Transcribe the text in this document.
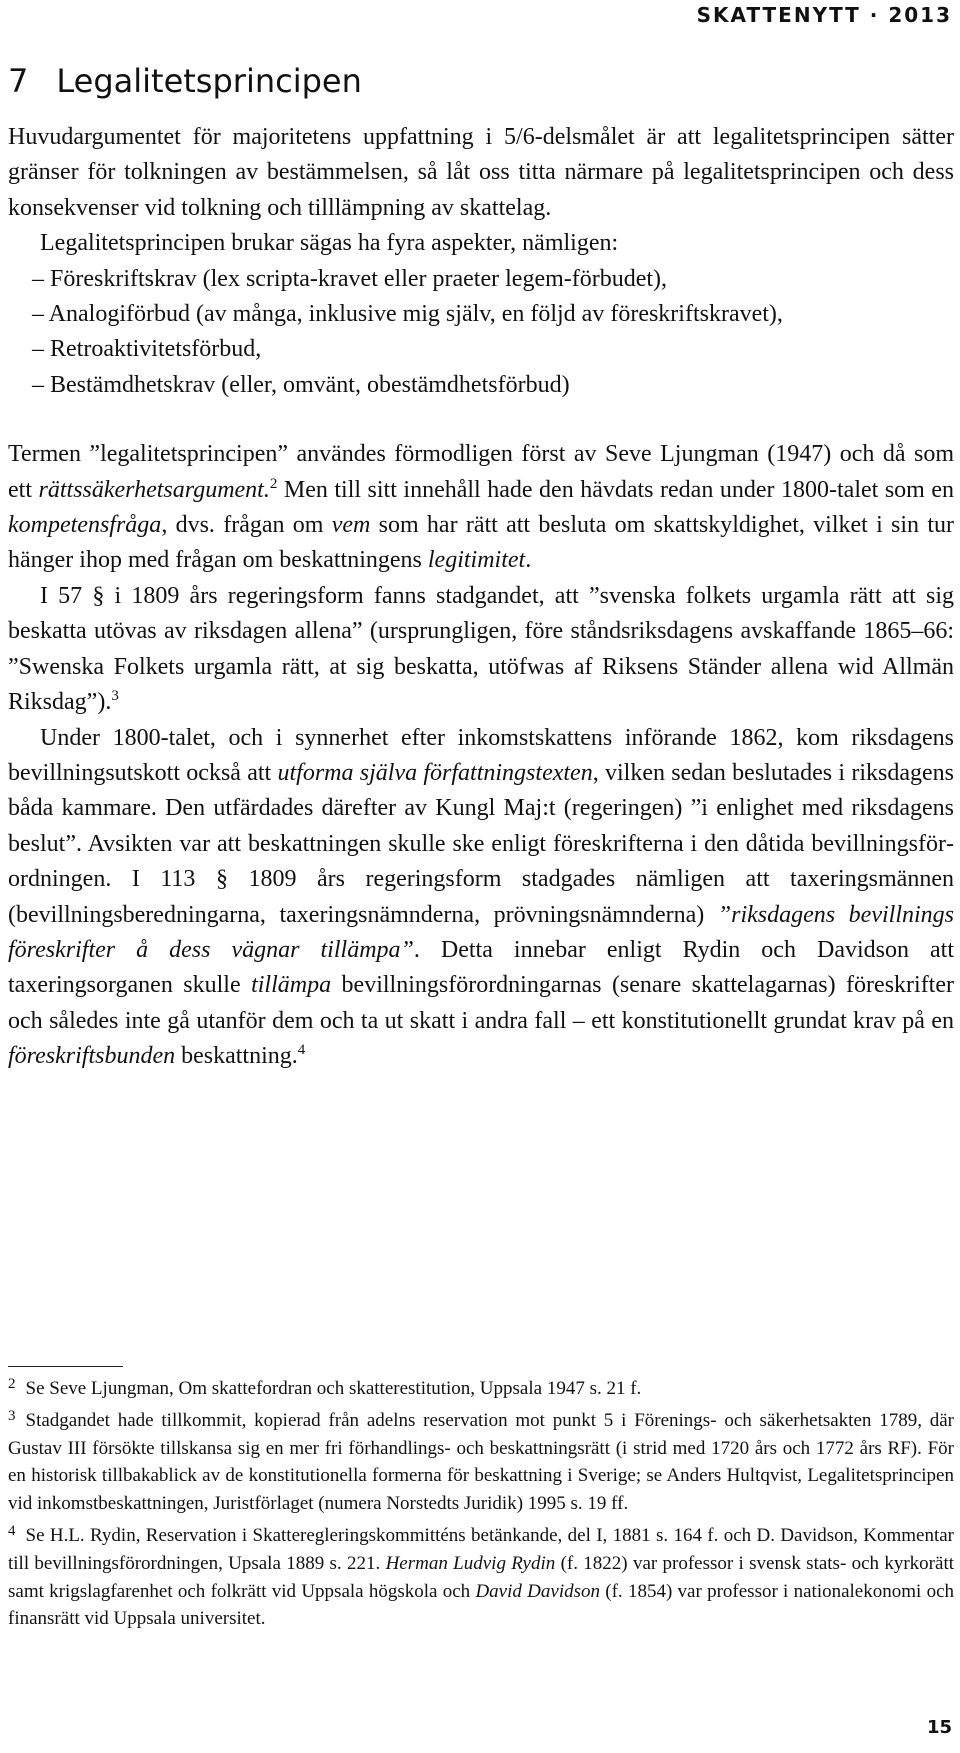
SKATTENYTT · 2013
7 Legalitetsprincipen

Huvudargumentet för majoritetens uppfattning i 5/6-delsmålet är att legalitetsprincipen sätter gränser för tolkningen av bestämmelsen, så låt oss titta närmare på legalitetsprincipen och dess konsekvenser vid tolkning och tilllämpning av skattelag.

Legalitetsprincipen brukar sägas ha fyra aspekter, nämligen:

– Föreskriftskrav (lex scripta-kravet eller praeter legem-förbudet),
– Analogiförbud (av många, inklusive mig själv, en följd av föreskriftskravet),
– Retroaktivitetsförbud,
– Bestämdhetskrav (eller, omvänt, obestämdhetsförbud)

Termen ”legalitetsprincipen” användes förmodligen först av Seve Ljungman (1947) och då som ett rättssäkerhetsargument.$^2$ Men till sitt innehåll hade den hävdats redan under 1800-talet som en kompetensfråga, dvs. frågan om vem som har rätt att besluta om skattskyldighet, vilket i sin tur hänger ihop med frågan om beskattningens legitimitet.

I 57 § i 1809 års regeringsform fanns stadgandet, att ”svenska folkets urgamla rätt att sig beskatta utövas av riksdagen allena” (ursprungligen, före ståndsriksdagens avskaffande 1865–66: ”Swenska Folkets urgamla rätt, at sig beskatta, utöfwas af Riksens Ständer allena wid Allmän Riksdag”).$^3$

Under 1800-talet, och i synnerhet efter inkomstskattens införande 1862, kom riksdagens bevillningsutskott också att utforma själva författningstexten, vilken sedan beslutades i riksdagens båda kammare. Den utfärdades därefter av Kungl Maj:t (regeringen) ”i enlighet med riksdagens beslut”. Avsikten var att beskattningen skulle ske enligt föreskrifterna i den dåtida bevillningsförordningen. I 113 § 1809 års regeringsform stadgades nämligen att taxeringsmännen (bevillningsberedningarna, taxeringsnämnderna, prövningsnämnderna) ”riksdagens bevillnings föreskrifter å dess vägnar tillämpa”. Detta innebar enligt Rydin och Davidson att taxeringsorganen skulle tillämpa bevillningsförordningarnas (senare skattelagarnas) föreskrifter och således inte gå utanför dem och ta ut skatt i andra fall – ett konstitutionellt grundat krav på en föreskriftsbunden beskattning.$^4$

$^2$ Se Seve Ljungman, Om skattefordran och skatterestitution, Uppsala 1947 s. 21 f.

$^3$ Stadgandet hade tillkommit, kopierad från adelns reservation mot punkt 5 i Förenings- och säkerhetsakten 1789, där Gustav III försökte tillskansa sig en mer fri förhandlings- och beskattningsrätt (i strid med 1720 års och 1772 års RF). För en historisk tillbakablick av de konstitutionella formerna för beskattning i Sverige; se Anders Hultqvist, Legalitetsprincipen vid inkomstbeskattningen, Juristförlaget (numera Norstedts Juridik) 1995 s. 19 ff.

$^4$ Se H.L. Rydin, Reservation i Skatteregleringskommitténs betänkande, del I, 1881 s. 164 f. och D. Davidson, Kommentar till bevillningsförordningen, Upsala 1889 s. 221. Herman Ludvig Rydin (f. 1822) var professor i svensk stats- och kyrkorätt samt krigslagfarenhet och folkrätt vid Uppsala högskola och David Davidson (f. 1854) var professor i nationalekonomi och finansrätt vid Uppsala universitet.

15
